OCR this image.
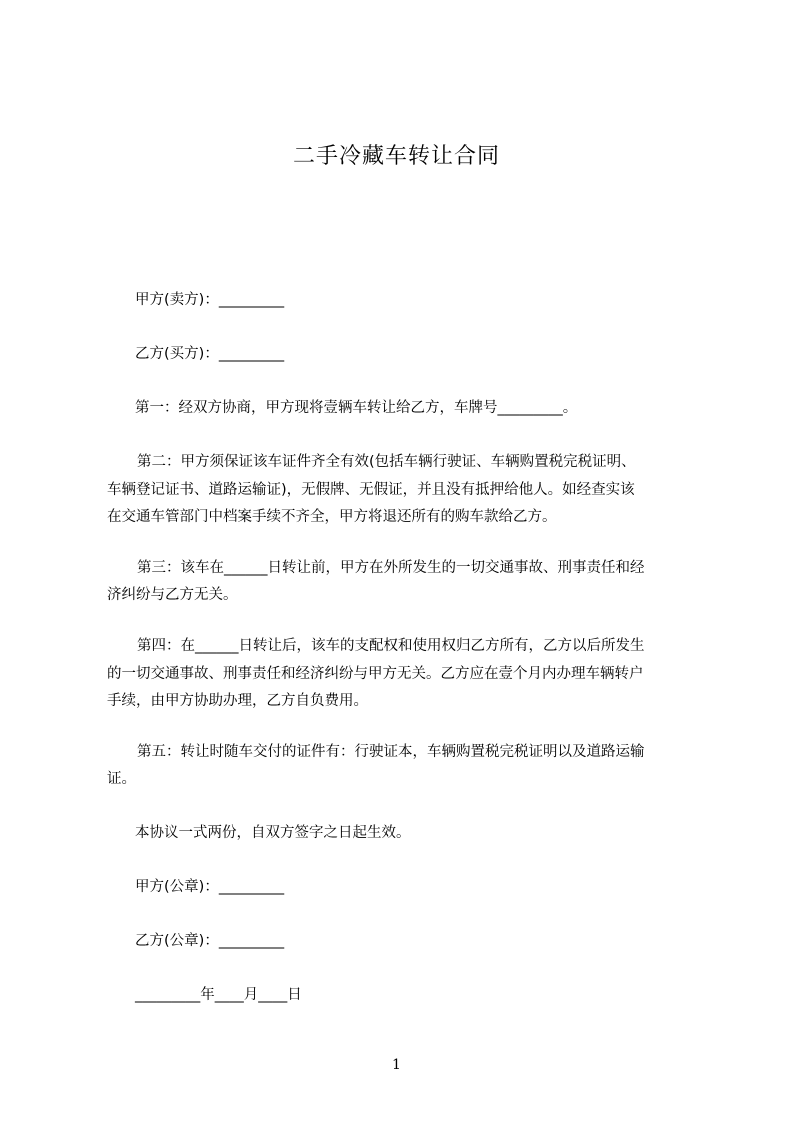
二手冷藏车转让合同
甲方(卖方)：_________
乙方(买方)：_________
第一：经双方协商，甲方现将壹辆车转让给乙方，车牌号_________。
第二：甲方须保证该车证件齐全有效(包括车辆行驶证、车辆购置税完税证明、
车辆登记证书、道路运输证)，无假牌、无假证，并且没有抵押给他人。如经查实该
在交通车管部门中档案手续不齐全，甲方将退还所有的购车款给乙方。
第三：该车在______日转让前，甲方在外所发生的一切交通事故、刑事责任和经
济纠纷与乙方无关。
第四：在______日转让后，该车的支配权和使用权归乙方所有，乙方以后所发生
的一切交通事故、刑事责任和经济纠纷与甲方无关。乙方应在壹个月内办理车辆转户
手续，由甲方协助办理，乙方自负费用。
第五：转让时随车交付的证件有：行驶证本，车辆购置税完税证明以及道路运输
证。
本协议一式两份，自双方签字之日起生效。
甲方(公章)：_________
乙方(公章)：_________
_________年____月____日
1
